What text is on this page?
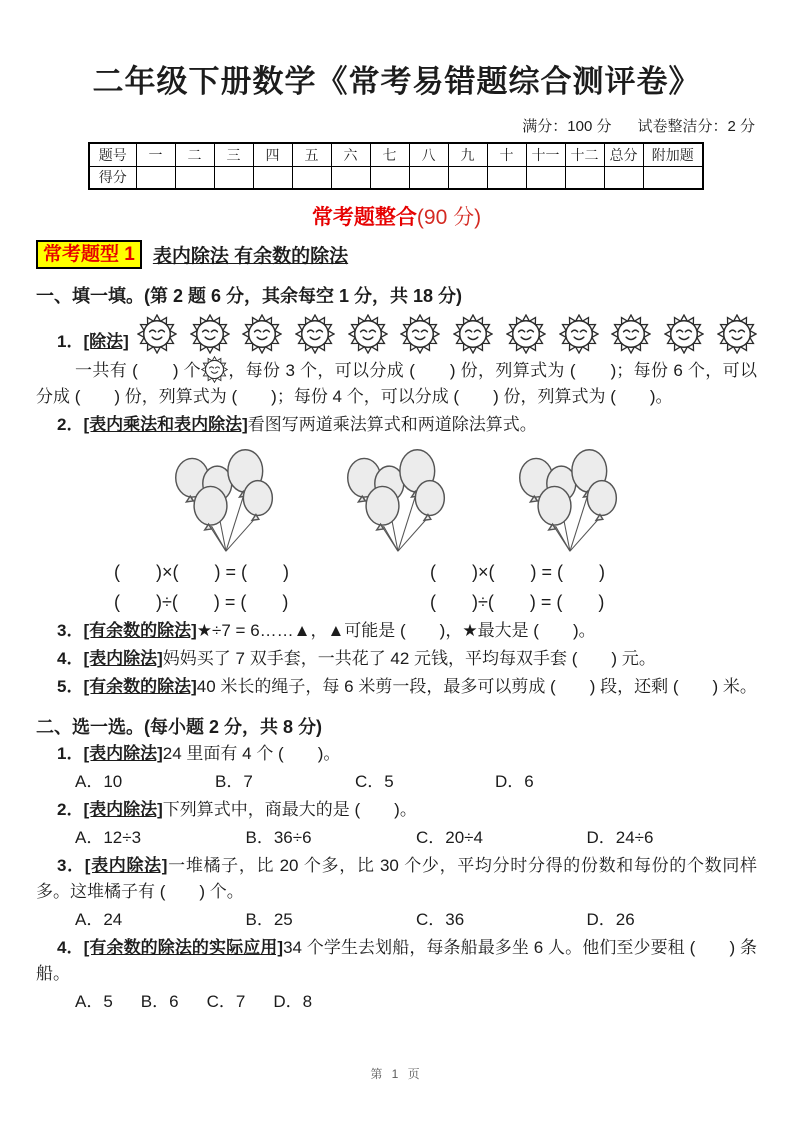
二年级下册数学《常考易错题综合测评卷》
满分：100 分 试卷整洁分：2 分
题号	一	二	三	四	五	六	七	八	九	十	十一	十二	总分	附加题
得分														
常考题整合(90 分)
常考题型 1 表内除法 有余数的除法
一、填一填。(第 2 题 6 分，其余每空 1 分，共 18 分)
1．[除法]

一共有 (　　) 个 ，每份 3 个，可以分成 (　　) 份，列算式为 (　　)；每份 6 个，可以分成 (　　) 份，列算式为 (　　)；每份 4 个，可以分成 (　　) 份，列算式为 (　　)。

2．[表内乘法和表内除法]看图写两道乘法算式和两道除法算式。

(　　)×(　　) = (　　)	(　　)×(　　) = (　　)
(　　)÷(　　) = (　　)	(　　)÷(　　) = (　　)

3．[有余数的除法]★÷7 = 6……▲，▲可能是 (　　)，★最大是 (　　)。

4．[表内除法]妈妈买了 7 双手套，一共花了 42 元钱，平均每双手套 (　　) 元。

5．[有余数的除法]40 米长的绳子，每 6 米剪一段，最多可以剪成 (　　) 段，还剩 (　　) 米。

二、选一选。(每小题 2 分，共 8 分)

1．[表内除法]24 里面有 4 个 (　　)。

A．10	B．7	C．5	D．6

2．[表内除法]下列算式中，商最大的是 (　　)。

A．12÷3	B．36÷6	C．20÷4	D．24÷6

3．[表内除法]一堆橘子，比 20 个多，比 30 个少，平均分时分得的份数和每份的个数同样多。这堆橘子有 (　　) 个。

A．24	B．25	C．36	D．26

4．[有余数的除法的实际应用]34 个学生去划船，每条船最多坐 6 人。他们至少要租 (　　) 条船。

A．5 B．6 C．7 D．8
第 1 页
